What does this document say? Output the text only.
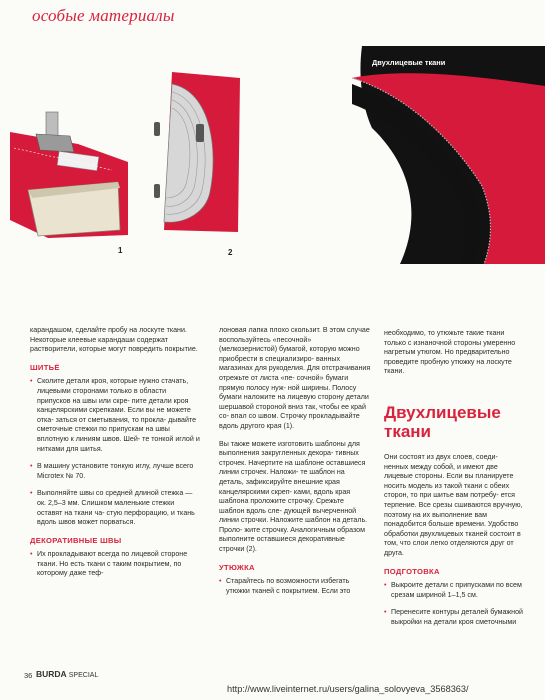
особые материалы
1	2
Двухлицевые ткани

карандашом, сделайте пробу на лоскуте ткани. Некоторые клеевые карандаши содержат растворители, которые могут повредить покрытие.

ШИТЬЁ

• Сколите детали кроя, которые нужно стачать, лицевыми сторонами только в области припусков на швы или скре- пите детали кроя канцелярскими скрепками. Если вы не можете отка- заться от сметывания, то прокла- дывайте сметочные стежки по припускам на швы вплотную к линиям швов. Шей- те тонкой иглой и нитками для шитья.

• В машину установите тонкую иглу, лучше всего Microtex № 70.

• Выполняйте швы со средней длиной стежка — ок. 2,5–3 мм. Слишком маленькие стежки оставят на ткани ча- стую перфорацию, и ткань вдоль швов может порваться.

ДЕКОРАТИВНЫЕ ШВЫ

• Их прокладывают всегда по лицевой стороне ткани. Но есть ткани с таким покрытием, по которому даже теф-

лоновая лапка плохо скользит. В этом случае воспользуйтесь «песочной» (мелкозернистой) бумагой, которую можно приобрести в специализиро- ванных магазинах для рукоделия. Для отстрачивания отрежьте от листа «пе- сочной» бумаги прямую полосу нуж- ной ширины. Полосу бумаги наложите на лицевую сторону детали шершавой стороной вниз так, чтобы ее край со- впал со швом. Строчку прокладывайте вдоль другого края (1).

Вы также можете изготовить шаблоны для выполнения закругленных декора- тивных строчек. Начертите на шаблоне оставшиеся линии строчек. Наложи- те шаблон на деталь, зафиксируйте внешние края канцелярскими скреп- ками, вдоль края шаблона проложите строчку. Срежьте шаблон вдоль сле- дующей вычерченной линии строчки. Наложите шаблон на деталь. Проло- жите строчку. Аналогичным образом выполните оставшиеся декоративные строчки (2).

УТЮЖКА

• Старайтесь по возможности избегать утюжки тканей с покрытием. Если это

необходимо, то утюжьте такие ткани только с изнаночной стороны умеренно нагретым утюгом. Но предварительно проведите пробную утюжку на лоскуте ткани.

Двухлицевые
ткани

Они состоят из двух слоев, соеди- ненных между собой, и имеют две лицевые стороны. Если вы планируете носить модель из такой ткани с обеих сторон, то при шитье вам потребу- ется терпение. Все срезы сшиваются вручную, поэтому на их выполнение вам понадобится больше времени. Удобство обработки двухлицевых тканей состоит в том, что слои легко отделяются друг от друга.

ПОДГОТОВКА

• Выкроите детали с припусками по всем срезам шириной 1–1,5 см.

• Перенесите контуры деталей бумажной выкройки на детали кроя сметочными

36 BURDA SPECIAL
http://www.liveinternet.ru/users/galina_solovyeva_3568363/
